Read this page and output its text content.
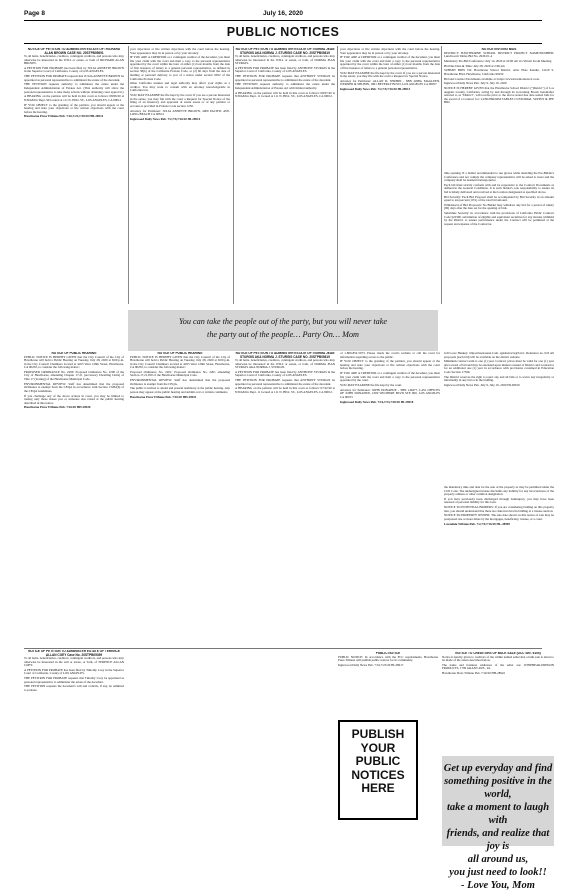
Page 8	July 16, 2020
PUBLIC NOTICES
NOTICE OF PETITION TO ADMINISTER ESTATE OF: RICHARD ALAN BROWN CASE NO. 20STPB05691

To all heirs, beneficiaries, creditors, contingent creditors, and persons who may otherwise be interested in the WILL or estate, or both of RICHARD ALAN BROWN.

A PETITION FOR PROBATE has been filed by JULIA ANNETTE BROWN in the Superior Court of California, County of LOS ANGELES.

THE PETITION FOR PROBATE requests that JULIA ANNETTE BROWN be appointed as personal representative to administer the estate of the decedent.

THE PETITION requests authority to administer the estate under the Independent Administration of Estates Act. (This authority will allow the personal representative to take many actions without obtaining court approval.)

A HEARING on the petition will be held in this court as follows: 08/06/20 at 8:30AM in Dept. 99 located at 111 N. HILL ST., LOS ANGELES, CA 90012.

IF YOU OBJECT to the granting of the petition, you should appear at the hearing and state your objections or file written objections with the court before the hearing.

Hawthorne Press Tribune Pub. 7/16,7/23,7/30/20 HH-28914

your objections or file written objections with the court before the hearing. Your appearance may be in person or by your attorney.

IF YOU ARE A CREDITOR or a contingent creditor of the decedent, you must file your claim with the court and mail a copy to the personal representative appointed by the court within the later of either (1) four months from the date of first issuance of letters to a general personal representative, as defined in section 58(b) of the California Probate Code, or (2) 60 days from the date of mailing or personal delivery to you of a notice under section 9052 of the California Probate Code.

Other California statutes and legal authority may affect your rights as a creditor. You may want to consult with an attorney knowledgeable in California law.

YOU MAY EXAMINE the file kept by the court. If you are a person interested in the estate, you may file with the court a Request for Special Notice of the filing of an inventory and appraisal of estate assets or of any petition or account as provided in Probate Code section 1250.

Attorney for Petitioner: JULIA ANNETTE BROWN, 4009 PACIFIC AVE, LONG BEACH CA 90814

Inglewood Daily News Pub. 7/2,7/9,7/16/20 HI-28914

NOTICE OF PETITION TO ADMINISTER ESTATE OF: NORMA JEAN STURGIS AKA NORMA J. STURGIS CASE NO. 20STPB05619

To all heirs, beneficiaries, creditors, contingent creditors, and persons who may otherwise be interested in the WILL or estate, or both, of NORMA JEAN STURGIS.

A PETITION FOR PROBATE has been filed by ANTHONY STURGIS in the Superior Court of California, County of LOS ANGELES.

THE PETITION FOR PROBATE requests that ANTHONY STURGIS be appointed as personal representative to administer the estate of the decedent.

THE PETITION requests authority to administer the estate under the Independent Administration of Estates Act with limited authority.

A HEARING on the petition will be held in this court as follows: 08/07/20 at 8:30AM in Dept. 11 located at 111 N. HILL ST., LOS ANGELES, CA 90012.

your objections or file written objections with the court before the hearing. Your appearance may be in person or by your attorney.

IF YOU ARE A CREDITOR or a contingent creditor of the decedent, you must file your claim with the court and mail a copy to the personal representative appointed by the court within the later of either (1) four months from the date of first issuance of letters to a general personal representative.

YOU MAY EXAMINE the file kept by the court. If you are a person interested in the estate, you may file with the court a Request for Special Notice.

Attorney for Petitioner: ALLAN D. SHUBIN - SBN 20084, MAGLEEN, WERNER & SHUBIN, 1801 BEVERLY BLVD, LOS ANGELES CA 90057

Inglewood Daily News Pub. 7/2,7/9,7/16/20 HI-28913

NOTICE INVITING BIDS

DISTRICT: HAWTHORNE SCHOOL DISTRICT PROJECT NAME/NUMBER: Lunchroom Tables Bid No. 2020-01-4

Mandatory Pre-Bid Conference: July 14, 2020 at 10:00 am via Virtual Zoom Meeting

Bid Due Date & Time: July 28, 2020 at 2:00 pm

SUBMIT BIDS TO: Hawthorne School District, Attn: Elsie Kendle, 14120 S. Hawthorne Blvd, Hawthorne, California 90250

Bid and Contract Documents available at: https://www.hawthorne.k12.ca.us

Inglewood Daily News Pub. July 9, July 16, 2020

NOTICE IS HEREBY GIVEN that the Hawthorne School District ("District") of Los Angeles County, California, acting by and through its Governing Board, hereinafter referred to as "District", will receive prior to the above stated due date sealed bids for the award of a Contract for: LUNCHROOM TABLES CUSTODIAL SUPPLY & PPE BID.

time opening. If a bidder recommended to use gloves while attending the Pre-Bidder's Conference and not comply the company representative will be asked to leave and the company shall be deemed nonresponsive.

Each bid must strictly conform with and be responsive to the Contract Documents as defined in the General Conditions. It is each bidder's sole responsibility to ensure its bid is timely delivered and received at the location designated as specified above.

Bid Security: Each Bid Proposal shall be accompanied by Bid Security in an amount equal to ten percent (10%) of the total bid amount.

Withdrawal of Bid Proposals: No Bidder may withdraw any bid for a period of ninety (90) days after the date set for the opening of bids.

Substitute Security: In accordance with the provisions of California Public Contract Code §22300, substitution of eligible and equivalent securities for any monies withheld by the District to ensure performance under the Contract will be permitted at the request and expense of the Contractor.

You can take the people out of the party, but you will never take
the party out of the people… Party On… Mom
NOTICE OF PUBLIC HEARING

PUBLIC NOTICE IS HEREBY GIVEN that the City Council of the City of Hawthorne will hold a Public Hearing on Tuesday, July 28, 2020 at 6:00 p.m. in the City Council Chambers located at 4455 West 126th Street, Hawthorne, CA 90250, to consider the following matter:

PROPOSED ORDINANCE No. 2200: Proposed Ordinance No. 2200 of the City of Hawthorne, amending Chapter 17.21 (Accessory Dwelling Units) of Title 17 (Zoning) of the Hawthorne Municipal Code.

ENVIRONMENTAL REVIEW: Staff has determined that the proposed Ordinance is exempt from the CEQA in accordance with Section 15282(h) of the CEQA Guidelines.

If you challenge any of the above actions in court, you may be limited to raising only those issues you or someone else raised at the public hearing described in this notice.

Hawthorne Press Tribune Pub. 7/16/20 HH-28920

NOTICE OF PUBLIC HEARING

PUBLIC NOTICE IS HEREBY GIVEN that the City Council of the City of Hawthorne will hold a Public Hearing on Tuesday, July 28, 2020 at 6:00 p.m. in the City Council Chambers located at 4455 West 126th Street, Hawthorne, CA 90250, to consider the following matter:

Proposed Ordinance No. 2201: Proposed Ordinance No. 2201 amending Section 17.21.050 of the Hawthorne Municipal Code.

ENVIRONMENTAL REVIEW: Staff has determined that the proposed Ordinance is exempt from the CEQA.

The public is invited to attend and present testimony at the public hearing. Any person may appear at the public hearing and submit oral or written comments.

Hawthorne Press Tribune Pub. 7/16/20 HH-28921

NOTICE OF PETITION TO ADMINISTER ESTATE OF: NORMA JEAN STURGIS AKA NORMA J. STURGIS CASE NO. 20STPB05619

To all heirs, beneficiaries, creditors, contingent creditors, and persons who may otherwise be interested in the WILL or estate, or both, of NORMA JEAN STURGIS AKA NORMA J. STURGIS.

A PETITION FOR PROBATE has been filed by ANTHONY STURGIS in the Superior Court of California, County of LOS ANGELES.

THE PETITION FOR PROBATE requests that ANTHONY STURGIS be appointed as personal representative to administer the estate of the decedent.

A HEARING on the petition will be held in this court as follows: 07/22/20 at 8:30AM in Dept. 11 located at 111 N. HILL ST., LOS ANGELES, CA 90012.

of 1-800-852-5073. Please check the court's website or call the court for information regarding access to the public.

IF YOU OBJECT to the granting of the petition, you should appear at the hearing and state your objections or file written objections with the court before the hearing.

IF YOU ARE A CREDITOR or a contingent creditor of the decedent, you must file your claim with the court and mail a copy to the personal representative appointed by the court.

YOU MAY EXAMINE the file kept by the court.

Attorney for Petitioner: JOHN DONAHUE - SBN 149477, LAW OFFICES OF JOHN DONAHUE, 1000 WILSHIRE BLVD STE 600, LOS ANGELES CA 90015

Inglewood Daily News Pub. 7/16,7/23,7/30/20 HI-28918

Jeff Lowe Hankey: ttlipa.ttlawtreenet.Com. sgnabstracts@b.ttct. Reference no. 010 All proposals (each bid) will be available on the district website.

Minimum contract term is one (1) year. Contract prices must be valid for one (1) year after award of bid and may be extended upon mutual consent of District and Contractor for an additional one (1) year in accordance with provisions contained in Education Code Section 17596.

The District reserves the right to reject any and all bids or to waive any irregularity or informality in any bid or in the bidding.

Inglewood Daily News Pub. July 9, July 16, 2020 HI-28919

the mandatory time and date for the sale of the property as may be permitted under the Civil Code. The undersigned trustee disclaims any liability for any incorrectness of the property address or other common designation.

If you have previously been discharged through bankruptcy, you may have been released of personal liability for this loan.

NOTICE TO POTENTIAL BIDDERS: If you are considering bidding on this property lien, you should understand that there are risks involved in bidding at a trustee auction.

NOTICE TO PROPERTY OWNER: The sale date shown on this notice of sale may be postponed one or more times by the mortgagee, beneficiary, trustee, or a court.

Lawndale Tribune Pub. 7/2,7/9,7/16/20 HL-28909

NOTICE OF PETITION TO ADMINISTER ESTATE OF TERENCE ALLAN COEY Case No. 20STPB05399

To all heirs, beneficiaries, creditors, contingent creditors, and persons who may otherwise be interested in the will or estate, or both, of TERENCE ALLAN COEY.

A PETITION FOR PROBATE has been filed by Timothy Coey in the Superior Court of California, County of LOS ANGELES.

THE PETITION FOR PROBATE requests that Timothy Coey be appointed as personal representative to administer the estate of the decedent.

THE PETITION requests the decedent's will and codicils, if any, be admitted to probate.

PUBLIC NOTICE

PUBLIC NOTICE: In accordance with the FCC requirements, Hawthorne Press Tribune will publish public notices for its community.

Inglewood Daily News Pub. 7/16,7/23/20 HI-28917

PUBLISH
YOUR
PUBLIC
NOTICES
HERE
NOTICE TO CREDITORS OF BULK SALE (UCC Sec. 6105)

Notice is hereby given to creditors of the within named seller that a bulk sale is about to be made of the assets described below.

The name and business addresses of the seller are: WINEBEAR-PREDON PRODUCTS, 1700 GRANT AVE., #4.

Hawthorne Press Tribune Pub. 7/16/20 HH-28922

Get up everyday and find
something positive in the world,
take a moment to laugh with
friends, and realize that joy is
all around us,
you just need to look!!
- Love You, Mom
